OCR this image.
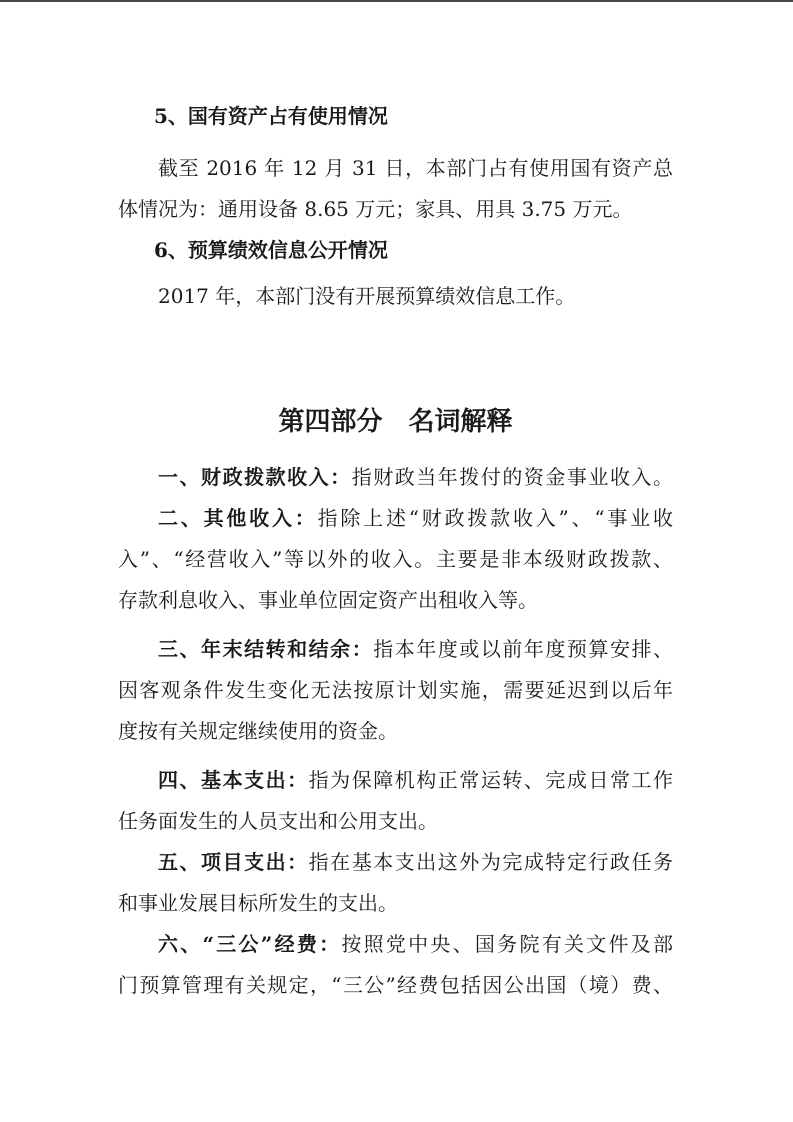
5、国有资产占有使用情况
截至 2016 年 12 月 31 日，本部门占有使用国有资产总
体情况为：通用设备 8.65 万元；家具、用具 3.75 万元。
6、预算绩效信息公开情况
2017 年，本部门没有开展预算绩效信息工作。
第四部分　名词解释
一、财政拨款收入：指财政当年拨付的资金事业收入。
二、其他收入：指除上述“财政拨款收入”、“事业收
入”、“经营收入”等以外的收入。主要是非本级财政拨款、
存款利息收入、事业单位固定资产出租收入等。
三、年末结转和结余：指本年度或以前年度预算安排、
因客观条件发生变化无法按原计划实施，需要延迟到以后年
度按有关规定继续使用的资金。
四、基本支出：指为保障机构正常运转、完成日常工作
任务面发生的人员支出和公用支出。
五、项目支出：指在基本支出这外为完成特定行政任务
和事业发展目标所发生的支出。
六、“三公”经费：按照党中央、国务院有关文件及部
门预算管理有关规定，“三公”经费包括因公出国（境）费、
